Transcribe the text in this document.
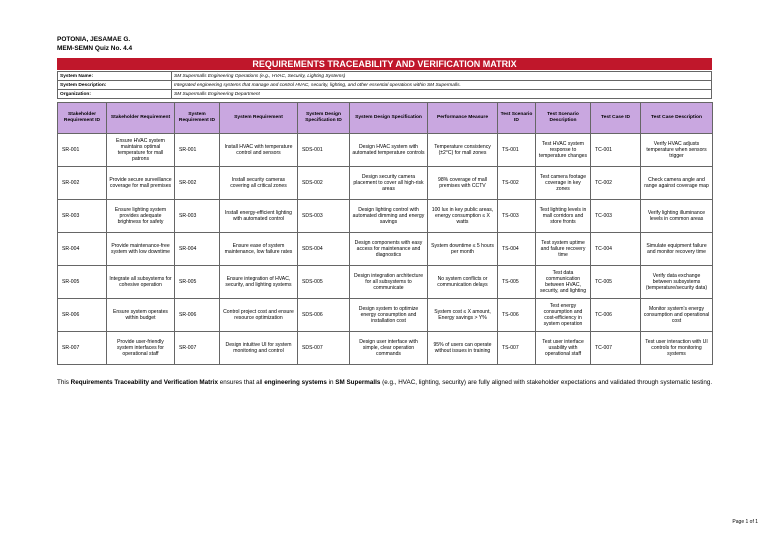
POTONIA, JESAMAE G.
MEM-SEMN Quiz No. 4.4
REQUIREMENTS TRACEABILITY AND VERIFICATION MATRIX
System Name:	SM Supermalls Engineering Operations (e.g., HVAC, Security, Lighting Systems)
System Description:	Integrated engineering systems that manage and control HVAC, security, lighting, and other essential operations within SM Supermalls.
Organization:	SM Supermalls Engineering Department
Stakeholder Requirement ID	Stakeholder Requirement	System Requirement ID	System Requirement	System Design Specification ID	System Design Specification	Performance Measure	Test Scenario ID	Test Scenario Description	Test Case ID	Test Case Description
SR-001	Ensure HVAC system maintains optimal temperature for mall patrons	SR-001	Install HVAC with temperature control and sensors	SDS-001	Design HVAC system with automated temperature controls	Temperature consistency (±2°C) for mall zones	TS-001	Test HVAC system response to temperature changes	TC-001	Verify HVAC adjusts temperature when sensors trigger
SR-002	Provide secure surveillance coverage for mall premises	SR-002	Install security cameras covering all critical zones	SDS-002	Design security camera placement to cover all high-risk areas	98% coverage of mall premises with CCTV	TS-002	Test camera footage coverage in key zones	TC-002	Check camera angle and range against coverage map
SR-003	Ensure lighting system provides adequate brightness for safety	SR-003	Install energy-efficient lighting with automated control	SDS-003	Design lighting control with automated dimming and energy savings	100 lux in key public areas, energy consumption ≤ X watts	TS-003	Test lighting levels in mall corridors and store fronts	TC-003	Verify lighting illuminance levels in common areas
SR-004	Provide maintenance-free system with low downtime	SR-004	Ensure ease of system maintenance, low failure rates	SDS-004	Design components with easy access for maintenance and diagnostics	System downtime ≤ 5 hours per month	TS-004	Test system uptime and failure recovery time	TC-004	Simulate equipment failure and monitor recovery time
SR-005	Integrate all subsystems for cohesive operation	SR-005	Ensure integration of HVAC, security, and lighting systems	SDS-005	Design integration architecture for all subsystems to communicate	No system conflicts or communication delays	TS-005	Test data communication between HVAC, security, and lighting	TC-005	Verify data exchange between subsystems (temperature/security data)
SR-006	Ensure system operates within budget	SR-006	Control project cost and ensure resource optimization	SDS-006	Design system to optimize energy consumption and installation cost	System cost ≤ X amount, Energy savings > Y%	TS-006	Test energy consumption and cost-efficiency in system operation	TC-006	Monitor system's energy consumption and operational cost
SR-007	Provide user-friendly system interfaces for operational staff	SR-007	Design intuitive UI for system monitoring and control	SDS-007	Design user interface with simple, clear operation commands	95% of users can operate without issues in training	TS-007	Test user interface usability with operational staff	TC-007	Test user interaction with UI controls for monitoring systems
This Requirements Traceability and Verification Matrix ensures that all engineering systems in SM Supermalls (e.g., HVAC, lighting, security) are fully aligned with stakeholder expectations and validated through systematic testing.
Page 1 of 1
